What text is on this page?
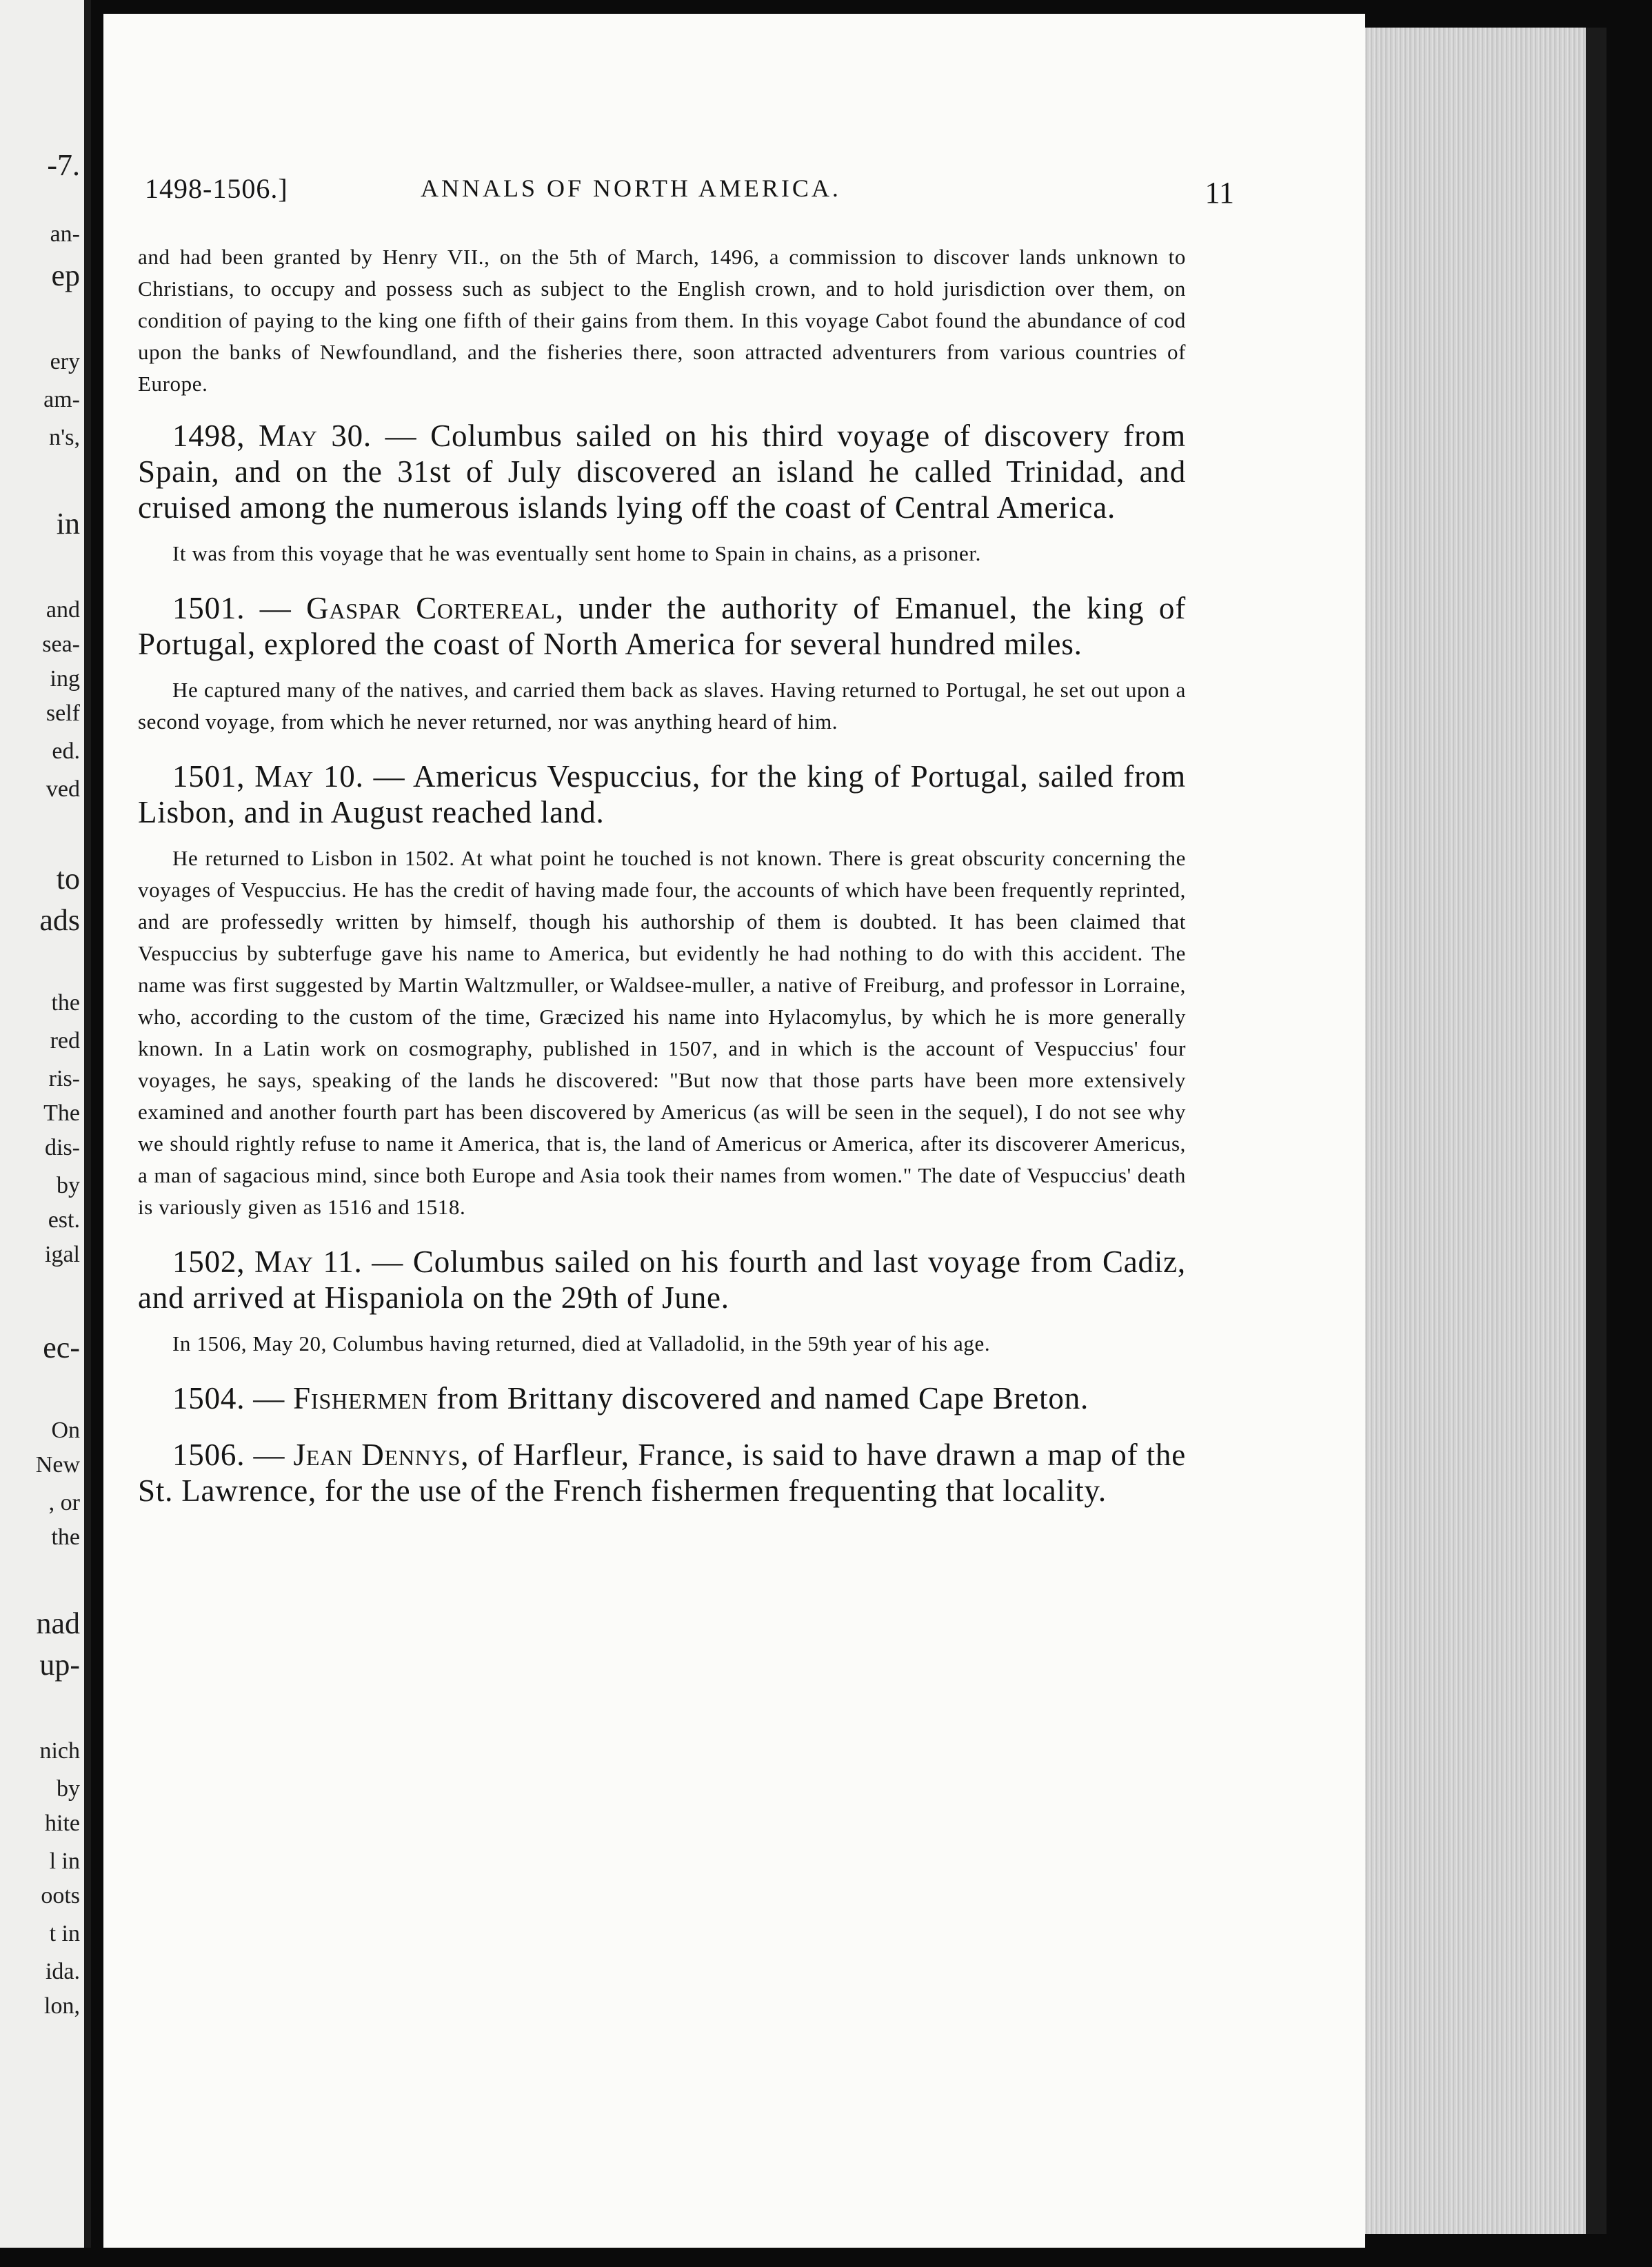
-7.
an-
ep
ery
am-
n's,
in
and
sea-
ing
self
ed.
ved
to
ads
the
red
ris-
The
dis-
by
est.
igal
ec-
On
New
, or
the
nad
up-
nich
by
hite
l in
oots
t in
ida.
lon,
1498-1506.]	ANNALS OF NORTH AMERICA.	11

and had been granted by Henry VII., on the 5th of March, 1496, a commission to discover lands unknown to Christians, to occupy and possess such as subject to the English crown, and to hold jurisdiction over them, on condition of paying to the king one fifth of their gains from them. In this voyage Cabot found the abundance of cod upon the banks of Newfoundland, and the fisheries there, soon attracted adventurers from various countries of Europe.

1498, May 30. — Columbus sailed on his third voyage of discovery from Spain, and on the 31st of July discovered an island he called Trinidad, and cruised among the numerous islands lying off the coast of Central America.

It was from this voyage that he was eventually sent home to Spain in chains, as a prisoner.

1501. — Gaspar Cortereal, under the authority of Emanuel, the king of Portugal, explored the coast of North America for several hundred miles.

He captured many of the natives, and carried them back as slaves. Having returned to Portugal, he set out upon a second voyage, from which he never returned, nor was anything heard of him.

1501, May 10. — Americus Vespuccius, for the king of Portugal, sailed from Lisbon, and in August reached land.

He returned to Lisbon in 1502. At what point he touched is not known. There is great obscurity concerning the voyages of Vespuccius. He has the credit of having made four, the accounts of which have been frequently reprinted, and are professedly written by himself, though his authorship of them is doubted. It has been claimed that Vespuccius by subterfuge gave his name to America, but evidently he had nothing to do with this accident. The name was first suggested by Martin Waltzmuller, or Waldsee-muller, a native of Freiburg, and professor in Lorraine, who, according to the custom of the time, Græcized his name into Hylacomylus, by which he is more generally known. In a Latin work on cosmography, published in 1507, and in which is the account of Vespuccius' four voyages, he says, speaking of the lands he discovered: "But now that those parts have been more extensively examined and another fourth part has been discovered by Americus (as will be seen in the sequel), I do not see why we should rightly refuse to name it America, that is, the land of Americus or America, after its discoverer Americus, a man of sagacious mind, since both Europe and Asia took their names from women." The date of Vespuccius' death is variously given as 1516 and 1518.

1502, May 11. — Columbus sailed on his fourth and last voyage from Cadiz, and arrived at Hispaniola on the 29th of June.

In 1506, May 20, Columbus having returned, died at Valladolid, in the 59th year of his age.

1504. — Fishermen from Brittany discovered and named Cape Breton.

1506. — Jean Dennys, of Harfleur, France, is said to have drawn a map of the St. Lawrence, for the use of the French fishermen frequenting that locality.
